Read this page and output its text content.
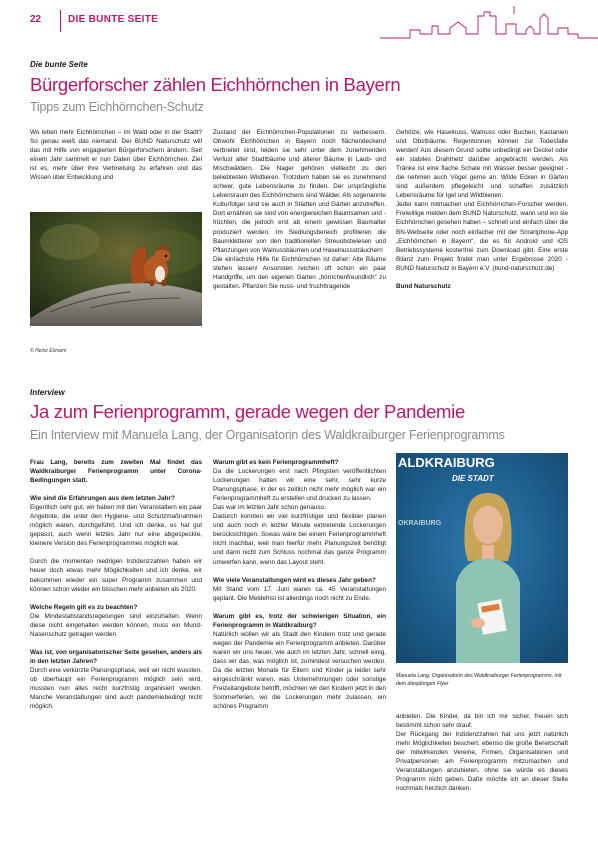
22	DIE BUNTE SEITE
Die bunte Seite
Bürgerforscher zählen Eichhörnchen in Bayern
Tipps zum Eichhörnchen-Schutz

Wo leben mehr Eichhörnchen – im Wald oder in der Stadt? So genau weiß das niemand. Der BUND Naturschutz will das mit Hilfe von engagierten Bürgerforschern ändern. Seit einem Jahr sammelt er nun Daten über Eichhörnchen. Ziel ist es, mehr über ihre Verbreitung zu erfahren und das Wissen über Entwicklung und

© Heinz Ebrsem

Zustand der Eichhörnchen-Populationen zu verbessern. Obwohl Eichhörnchen in Bayern noch flächendeckend verbreitet sind, leiden sie sehr unter dem zunehmenden Verlust alter Stadtbäume und älterer Bäume in Laub- und Mischwäldern. Die Nager gehören vielleicht zu den beliebtesten Wildtieren. Trotzdem haben sie es zunehmend schwer, gute Lebensräume zu finden. Der ursprüngliche Lebensraum des Eichhörnchens sind Wälder. Als sogenannte Kulturfolger sind sie auch in Städten und Gärten anzutreffen. Dort ernähren sie sind von energiereichen Baumsamen und -früchten, die jedoch erst ab einem gewissen Baumalter produziert werden. Im Siedlungsbereich profitieren die Baumkletterer von den traditionellen Streuobstwiesen und Pflanzungen von Walnussbäumen und Haselnusssträuchern

Die einfachste Hilfe für Eichhörnchen ist daher: Alte Bäume stehen lassen! Ansonsten reichen oft schon ein paar Handgriffe, um den eigenen Garten „hörnchenfreundlich“ zu gestalten. Pflanzen Sie nuss- und fruchttragende

Gehölze, wie Haselnuss, Walnuss oder Buchen, Kastanien und Obstbäume. Regentonnen können zur Todesfalle werden! Aus diesem Grund sollte unbedingt ein Deckel oder ein stabiles Drahtnetz darüber angebracht werden. Als Tränke ist eine flache Schale mit Wasser besser geeignet - die nehmen auch Vögel gerne an. Wilde Ecken in Gärten sind außerdem pflegeleicht und schaffen zusätzlich Lebensräume für Igel und Wildbienen.

Jeder kann mitmachen und Eichhörnchen-Forscher werden. Freiwillige melden dem BUND Naturschutz, wann und wo sie Eichhörnchen gesehen haben – schnell und einfach über die BN-Webseite oder noch einfacher mit der Smartphone-App „Eichhörnchen in Bayern“, die es für Android und iOS Betriebssysteme kostenfrei zum Download gibt. Eine erste Bilanz zum Projekt findet man unter Ergebnisse 2020 - BUND Naturschutz in Bayern e.V. (bund-naturschutz.de)

Bund Naturschutz
Interview
Ja zum Ferienprogramm, gerade wegen der Pandemie
Ein Interview mit Manuela Lang, der Organisatorin des Waldkraiburger Ferienprogramms

Frau Lang, bereits zum zweiten Mal findet das Waldkraiburger Ferienprogramm unter Corona-Bedingungen statt.

Wie sind die Erfahrungen aus dem letzten Jahr?

Eigentlich sehr gut, wir haben mit den Veranstaltern ein paar Angebote, die unter den Hygiene- und Schutzmaßnahmen möglich waren, durchgeführt. Und ich denke, es hat gut gepasst, auch wenn letztes Jahr nur eine abgespeckte, kleinere Version des Ferienprogrammes möglich war.

Durch die momentan niedrigen Inzidenzzahlen haben wir heuer doch etwas mehr Möglichkeiten und ich denke, wir bekommen wieder ein super Programm zusammen und können schon wieder ein bisschen mehr anbieten als 2020.

Welche Regeln gilt es zu beachten?

Die Mindestabstandsregelungen sind einzuhalten. Wenn diese nicht eingehalten werden können, muss ein Mund-Nasenschutz getragen werden.

Was ist, von organisatorischer Seite gesehen, anders als in den letzten Jahren?

Durch eine verkürzte Planungsphase, weil wir nicht wussten, ob überhaupt ein Ferienprogramm möglich sein wird, mussten nun alles recht kurzfristig organisiert werden. Manche Veranstaltungen sind auch pandemiebedingt nicht möglich.

Warum gibt es kein Ferienprogrammheft?

Da die Lockerungen erst nach Pfingsten veröffentlichten Lockerungen hatten wir eine sehr, sehr kurze Planungsphase, in der es zeitlich nicht mehr möglich war ein Ferienprogrammheft zu erstellen und drucken zu lassen.

Das war im letzten Jahr schon genauso.

Dadurch konnten wir viel kurzfristiger und flexibler planen und auch noch in letzter Minute eintretende Lockerungen berücksichtigen. Sowas wäre bei einem Ferienprogrammheft nicht machbar, weil man hierfür mehr Planungszeit benötigt und dann nicht zum Schluss nochmal das ganze Programm umwerfen kann, wenn das Layout steht.

Wie viele Veranstaltungen wird es dieses Jahr geben?

Mit Stand vom 17. Juni waren ca. 45 Veranstaltungen geplant. Die Meldefrist ist allerdings noch nicht zu Ende.

Warum gibt es, trotz der schwierigen Situation, ein Ferienprogramm in Waldkraiburg?

Natürlich wollen wir als Stadt den Kindern trotz und gerade wegen der Pandemie ein Ferienprogramm anbieten. Darüber waren wir uns heuer, wie auch im letzten Jahr, schnell einig, dass wir das, was möglich ist, zumindest versuchen werden. Da die letzten Monate für Eltern und Kinder ja leider sehr eingeschränkt waren, was Unternehmungen oder sonstige Freizeitangebote betrifft, möchten wir den Kindern jetzt in den Sommerferien, wo die Lockerungen mehr zulassen, ein schönes Programm

ALDKRAIBURG
DIE STADT
OKRAIBURG
Manuela Lang, Organisatorin des Waldkraiburger Ferienprogramms, mit dem diesjährigen Flyer

anbieten. Die Kinder, da bin ich mir sicher, freuen sich bestimmt schon sehr drauf.

Der Rückgang der Inzidenzzahlen hat uns jetzt natürlich mehr Möglichkeiten beschert, ebenso die große Bereitschaft der mitwirkenden Vereine, Firmen, Organisationen und Privatpersonen am Ferienprogramm mitzumachen und Veranstaltungen anzubieten, ohne sie würde es dieses Programm nicht geben. Dafür möchte ich an dieser Stelle nochmals herzlich danken.
